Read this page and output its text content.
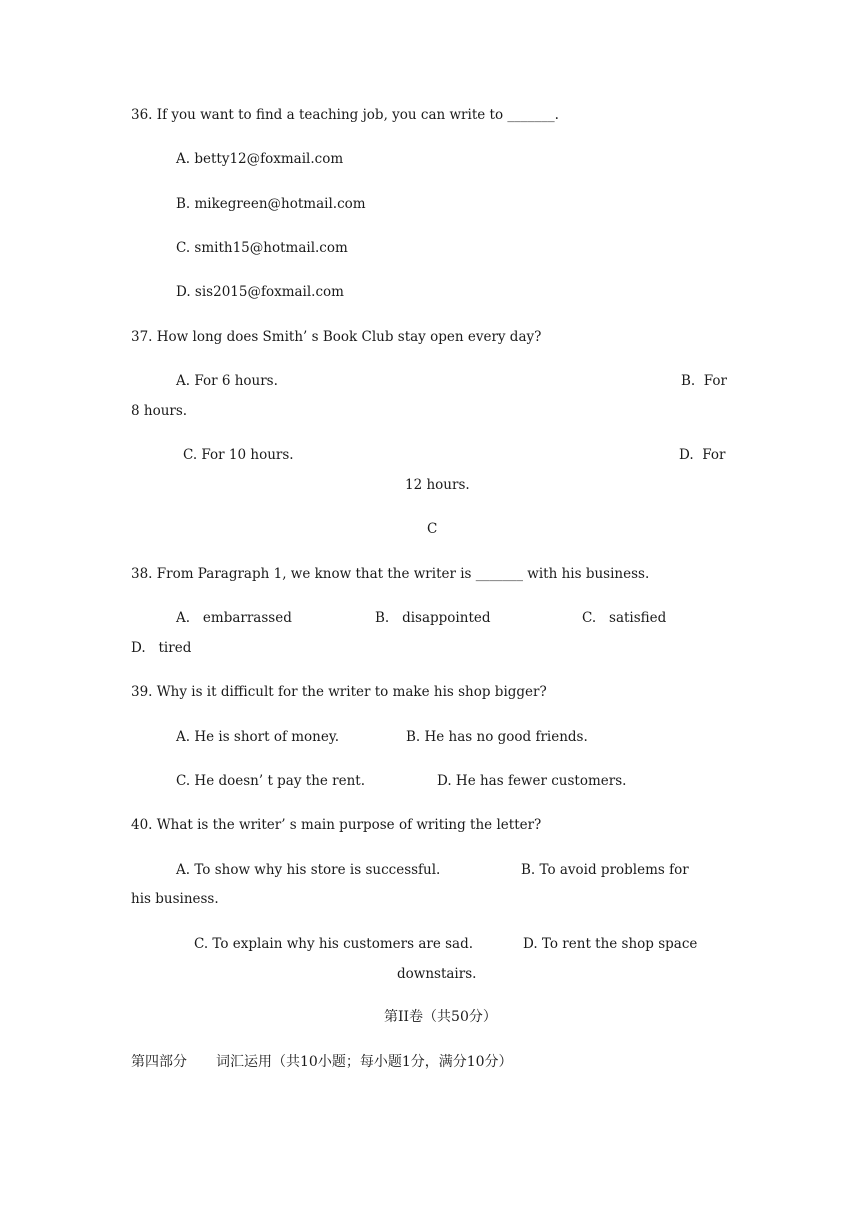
36. If you want to find a teaching job, you can write to _______.
A. betty12@foxmail.com
B. mikegreen@hotmail.com
C. smith15@hotmail.com
D. sis2015@foxmail.com
37. How long does Smith’ s Book Club stay open every day?
A. For 6 hours.	B.  For
8 hours.
C. For 10 hours.	D.  For
12 hours.
C
38. From Paragraph 1, we know that the writer is _______ with his business.
A.   embarrassed	B.   disappointed	C.   satisfied
D.   tired
39. Why is it difficult for the writer to make his shop bigger?
A. He is short of money.	B. He has no good friends.
C. He doesn’ t pay the rent.	D. He has fewer customers.
40. What is the writer’ s main purpose of writing the letter?
A. To show why his store is successful.	B. To avoid problems for
his business.
C. To explain why his customers are sad.	D. To rent the shop space
downstairs.
第II卷（共50分）
第四部分 词汇运用（共10小题；每小题1分，满分10分）
